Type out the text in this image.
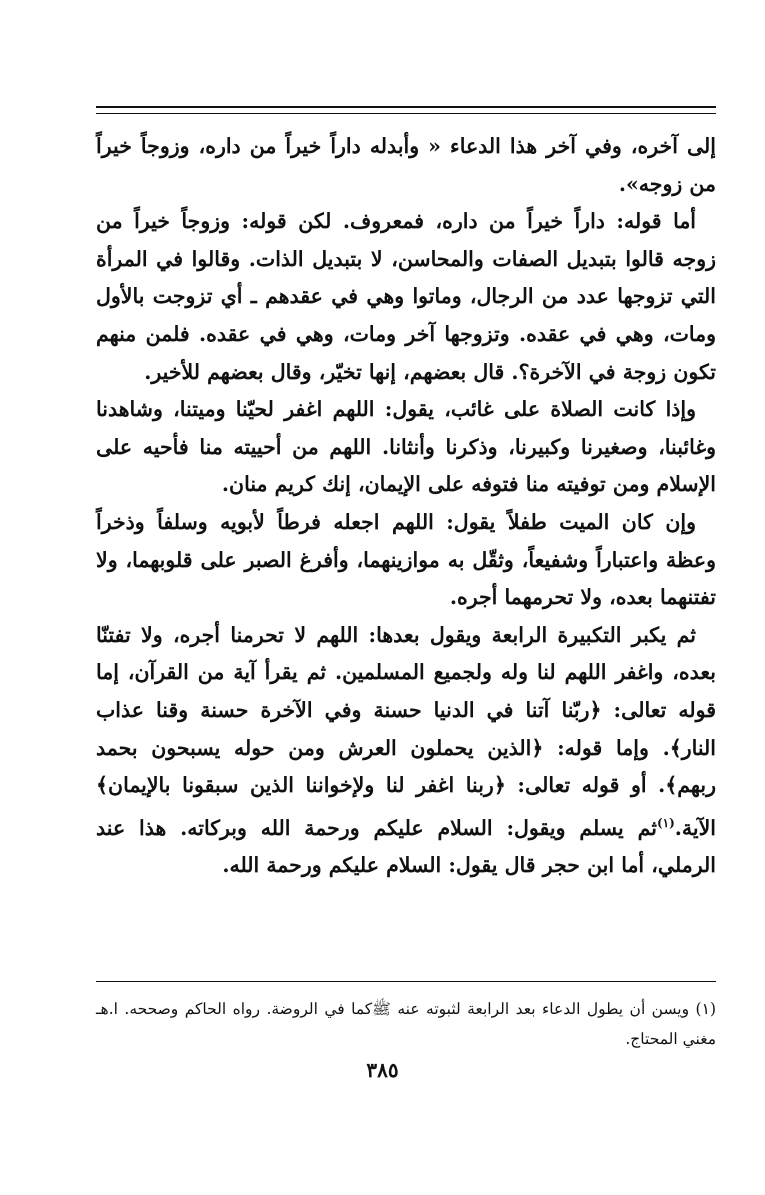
إلى آخره، وفي آخر هذا الدعاء « وأبدله داراً خيراً من داره، وزوجاً خيراً من زوجه».

أما قوله: داراً خيراً من داره، فمعروف. لكن قوله: وزوجاً خيراً من زوجه قالوا بتبديل الصفات والمحاسن، لا بتبديل الذات. وقالوا في المرأة التي تزوجها عدد من الرجال، وماتوا وهي في عقدهم ـ أي تزوجت بالأول ومات، وهي في عقده. وتزوجها آخر ومات، وهي في عقده. فلمن منهم تكون زوجة في الآخرة؟. قال بعضهم، إنها تخيّر، وقال بعضهم للأخير.

وإذا كانت الصلاة على غائب، يقول: اللهم اغفر لحيّنا وميتنا، وشاهدنا وغائبنا، وصغيرنا وكبيرنا، وذكرنا وأنثانا. اللهم من أحييته منا فأحيه على الإسلام ومن توفيته منا فتوفه على الإيمان، إنك كريم منان.

وإن كان الميت طفلاً يقول: اللهم اجعله فرطاً لأبويه وسلفاً وذخراً وعظة واعتباراً وشفيعاً، وثقّل به موازينهما، وأفرغ الصبر على قلوبهما، ولا تفتنهما بعده، ولا تحرمهما أجره.

ثم يكبر التكبيرة الرابعة ويقول بعدها: اللهم لا تحرمنا أجره، ولا تفتنّا بعده، واغفر اللهم لنا وله ولجميع المسلمين. ثم يقرأ آية من القرآن، إما قوله تعالى: ﴿ربّنا آتنا في الدنيا حسنة وفي الآخرة حسنة وقنا عذاب النار﴾. وإما قوله: ﴿الذين يحملون العرش ومن حوله يسبحون بحمد ربهم﴾. أو قوله تعالى: ﴿ربنا اغفر لنا ولإخواننا الذين سبقونا بالإيمان﴾ الآية.$^{(١)}$ثم يسلم ويقول: السلام عليكم ورحمة الله وبركاته. هذا عند الرملي، أما ابن حجر قال يقول: السلام عليكم ورحمة الله.

(١) ويسن أن يطول الدعاء بعد الرابعة لثبوته عنه ﷺكما في الروضة. رواه الحاكم وصححه. ا.هـ مغني المحتاج.

٣٨٥
